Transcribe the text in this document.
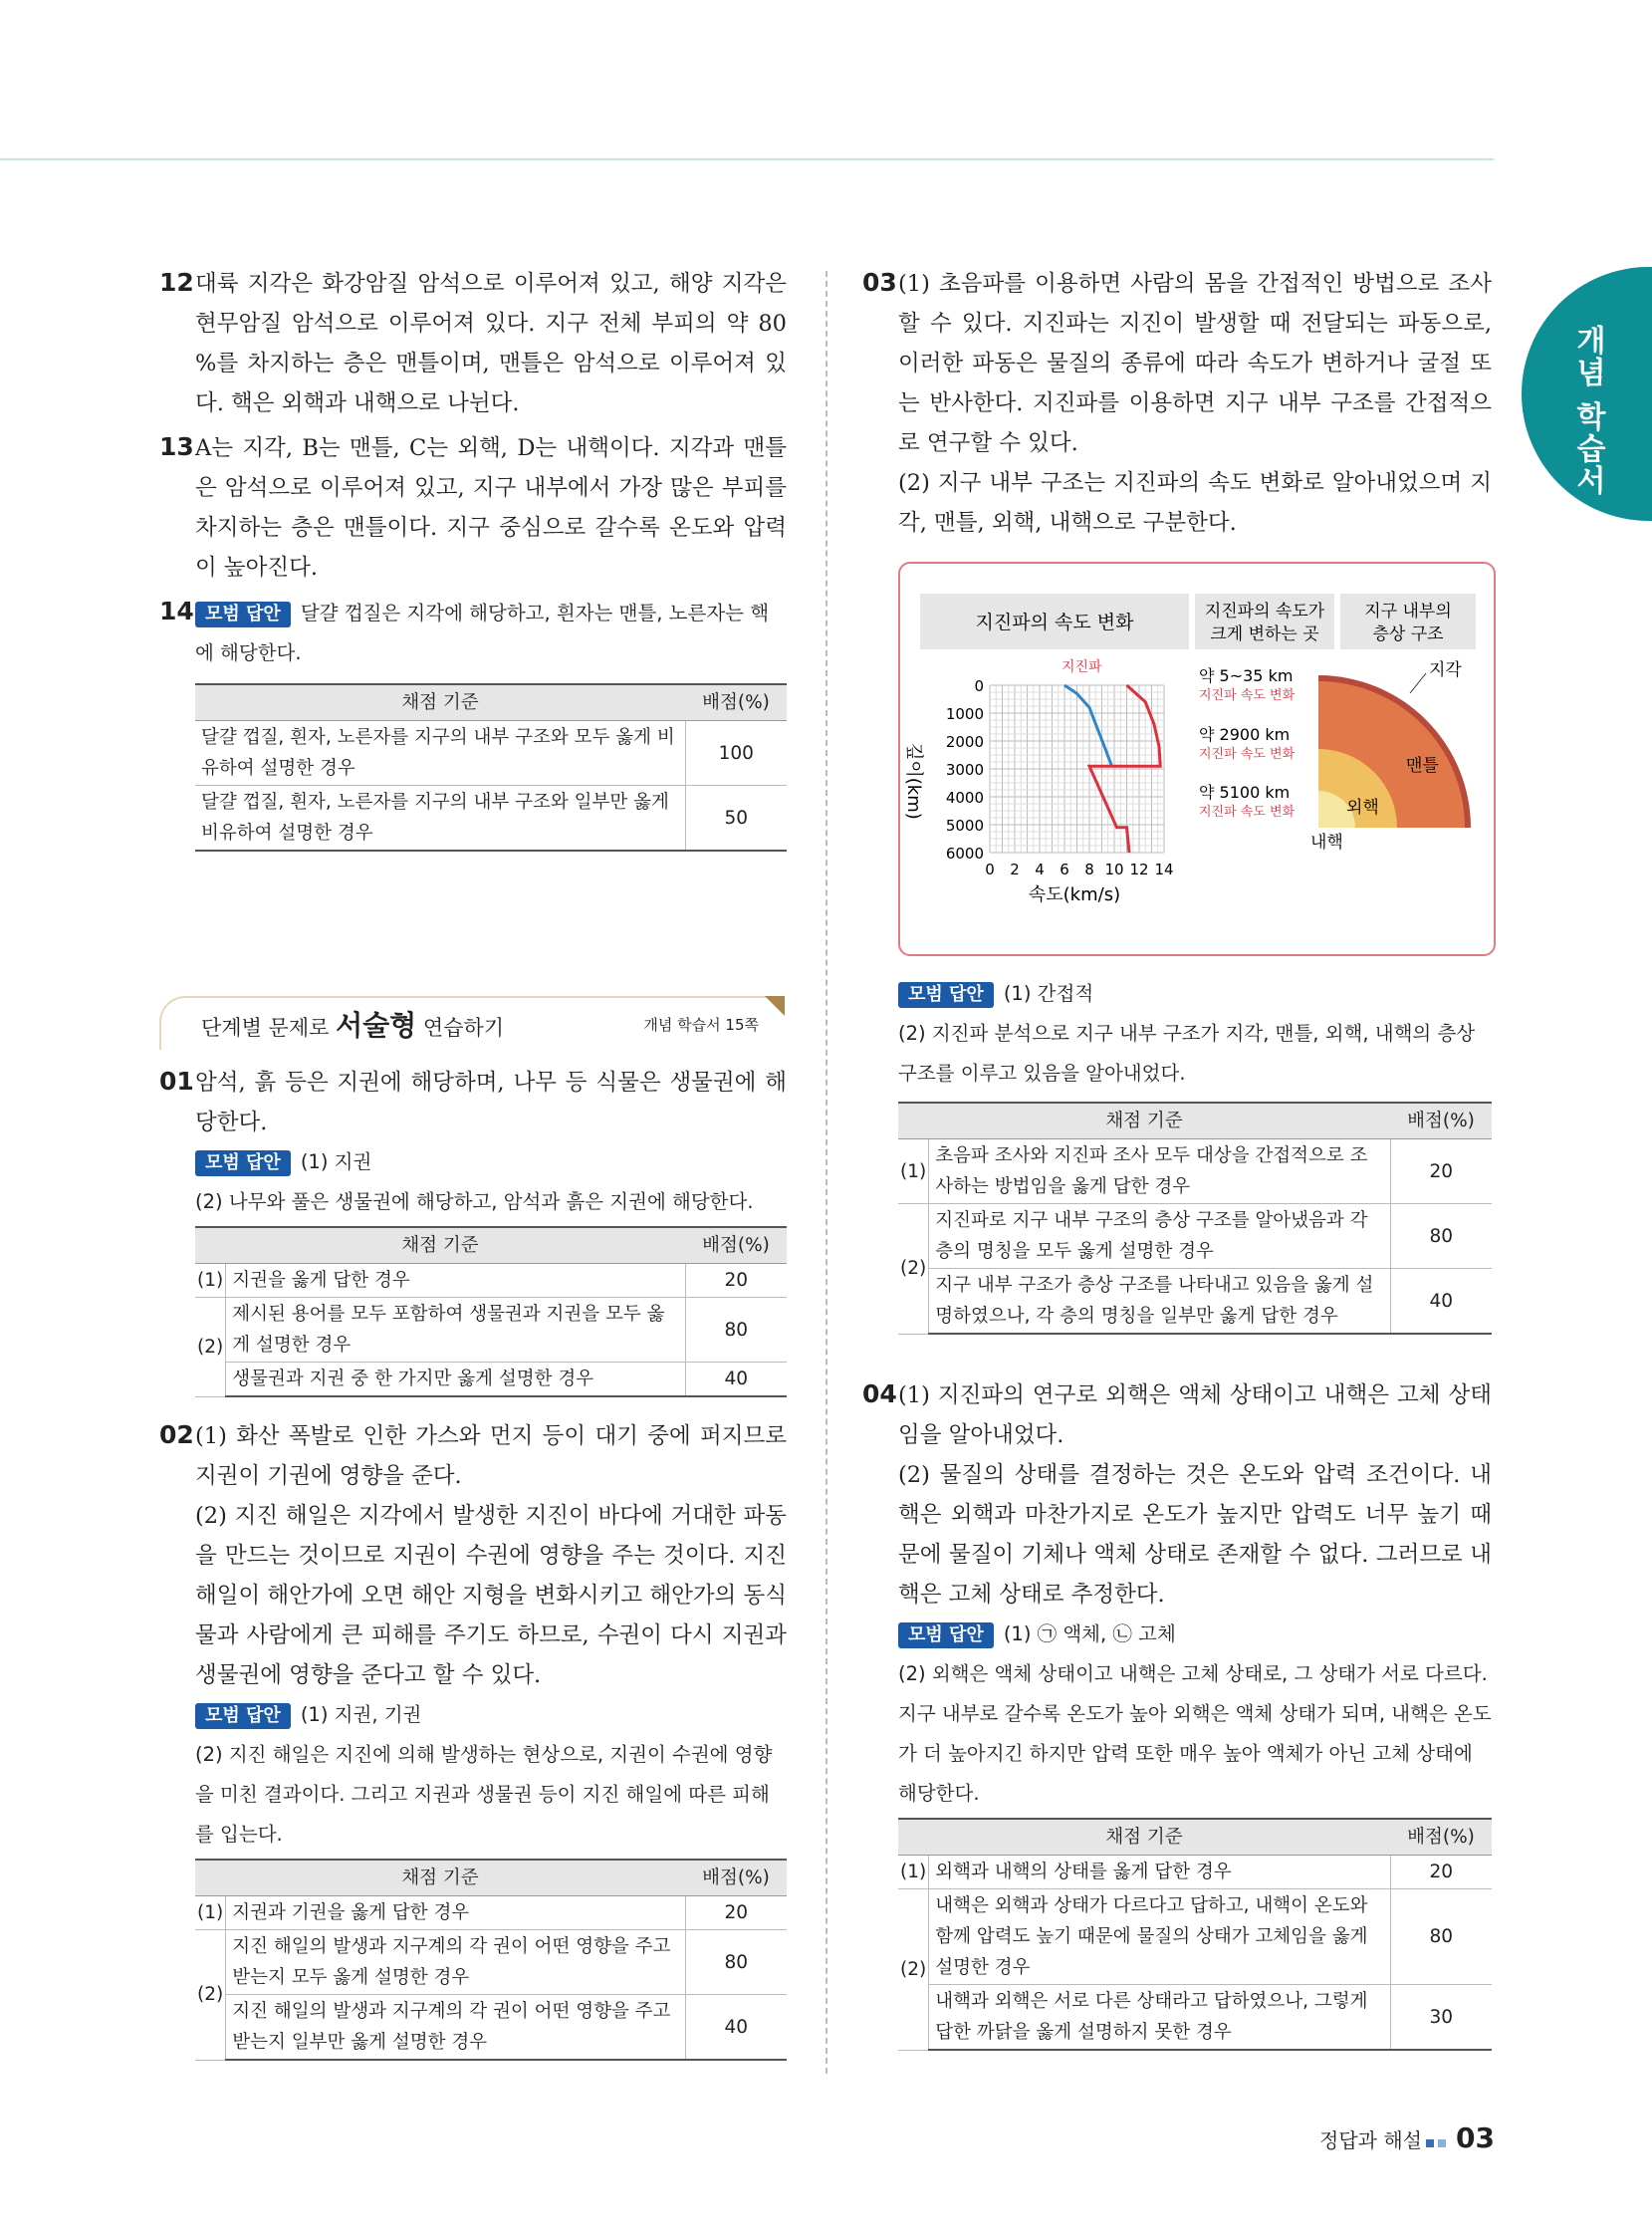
개념 학습서

12대륙 지각은 화강암질 암석으로 이루어져 있고, 해양 지각은 현무암질 암석으로 이루어져 있다. 지구 전체 부피의 약 80 %를 차지하는 층은 맨틀이며, 맨틀은 암석으로 이루어져 있다. 핵은 외핵과 내핵으로 나뉜다.

13A는 지각, B는 맨틀, C는 외핵, D는 내핵이다. 지각과 맨틀은 암석으로 이루어져 있고, 지구 내부에서 가장 많은 부피를 차지하는 층은 맨틀이다. 지구 중심으로 갈수록 온도와 압력이 높아진다.

14 모범 답안 달걀 껍질은 지각에 해당하고, 흰자는 맨틀, 노른자는 핵에 해당한다.

채점 기준	배점(%)
달걀 껍질, 흰자, 노른자를 지구의 내부 구조와 모두 옳게 비유하여 설명한 경우	100
달걀 껍질, 흰자, 노른자를 지구의 내부 구조와 일부만 옳게 비유하여 설명한 경우	50
단계별 문제로 서술형 연습하기	개념 학습서 15쪽

01암석, 흙 등은 지권에 해당하며, 나무 등 식물은 생물권에 해당한다.

모범 답안 (1) 지권

(2) 나무와 풀은 생물권에 해당하고, 암석과 흙은 지권에 해당한다.

채점 기준		배점(%)
(1)	지권을 옳게 답한 경우	20
(2)	제시된 용어를 모두 포함하여 생물권과 지권을 모두 옳게 설명한 경우	80
	생물권과 지권 중 한 가지만 옳게 설명한 경우	40

02(1) 화산 폭발로 인한 가스와 먼지 등이 대기 중에 퍼지므로 지권이 기권에 영향을 준다.

(2) 지진 해일은 지각에서 발생한 지진이 바다에 거대한 파동을 만드는 것이므로 지권이 수권에 영향을 주는 것이다. 지진 해일이 해안가에 오면 해안 지형을 변화시키고 해안가의 동식물과 사람에게 큰 피해를 주기도 하므로, 수권이 다시 지권과 생물권에 영향을 준다고 할 수 있다.

모범 답안 (1) 지권, 기권

(2) 지진 해일은 지진에 의해 발생하는 현상으로, 지권이 수권에 영향을 미친 결과이다. 그리고 지권과 생물권 등이 지진 해일에 따른 피해를 입는다.

채점 기준		배점(%)
(1)	지권과 기권을 옳게 답한 경우	20
(2)	지진 해일의 발생과 지구계의 각 권이 어떤 영향을 주고받는지 모두 옳게 설명한 경우	80
	지진 해일의 발생과 지구계의 각 권이 어떤 영향을 주고받는지 일부만 옳게 설명한 경우	40

03(1) 초음파를 이용하면 사람의 몸을 간접적인 방법으로 조사할 수 있다. 지진파는 지진이 발생할 때 전달되는 파동으로, 이러한 파동은 물질의 종류에 따라 속도가 변하거나 굴절 또는 반사한다. 지진파를 이용하면 지구 내부 구조를 간접적으로 연구할 수 있다.

(2) 지구 내부 구조는 지진파의 속도 변화로 알아내었으며 지각, 맨틀, 외핵, 내핵으로 구분한다.

지진파의 속도 변화	지진파의 속도가
크게 변하는 곳
지구 내부의
층상 구조
0
1000
2000
3000
4000
5000
6000
0 2 4 6 8 10 12 14
깊이(km)
속도(km/s)
지진파	약 5~35 km
지진파 속도 변화
약 2900 km
지진파 속도 변화
약 5100 km
지진파 속도 변화
지각
맨틀
외핵
내핵

모범 답안 (1) 간접적

(2) 지진파 분석으로 지구 내부 구조가 지각, 맨틀, 외핵, 내핵의 층상 구조를 이루고 있음을 알아내었다.

채점 기준		배점(%)
(1)	초음파 조사와 지진파 조사 모두 대상을 간접적으로 조사하는 방법임을 옳게 답한 경우	20
(2)	지진파로 지구 내부 구조의 층상 구조를 알아냈음과 각 층의 명칭을 모두 옳게 설명한 경우	80
	지구 내부 구조가 층상 구조를 나타내고 있음을 옳게 설명하였으나, 각 층의 명칭을 일부만 옳게 답한 경우	40

04(1) 지진파의 연구로 외핵은 액체 상태이고 내핵은 고체 상태임을 알아내었다.

(2) 물질의 상태를 결정하는 것은 온도와 압력 조건이다. 내핵은 외핵과 마찬가지로 온도가 높지만 압력도 너무 높기 때문에 물질이 기체나 액체 상태로 존재할 수 없다. 그러므로 내핵은 고체 상태로 추정한다.

모범 답안 (1) ㉠ 액체, ㉡ 고체

(2) 외핵은 액체 상태이고 내핵은 고체 상태로, 그 상태가 서로 다르다. 지구 내부로 갈수록 온도가 높아 외핵은 액체 상태가 되며, 내핵은 온도가 더 높아지긴 하지만 압력 또한 매우 높아 액체가 아닌 고체 상태에 해당한다.

채점 기준		배점(%)
(1)	외핵과 내핵의 상태를 옳게 답한 경우	20
(2)	내핵은 외핵과 상태가 다르다고 답하고, 내핵이 온도와 함께 압력도 높기 때문에 물질의 상태가 고체임을 옳게 설명한 경우	80
	내핵과 외핵은 서로 다른 상태라고 답하였으나, 그렇게 답한 까닭을 옳게 설명하지 못한 경우	30
정답과 해설 03
